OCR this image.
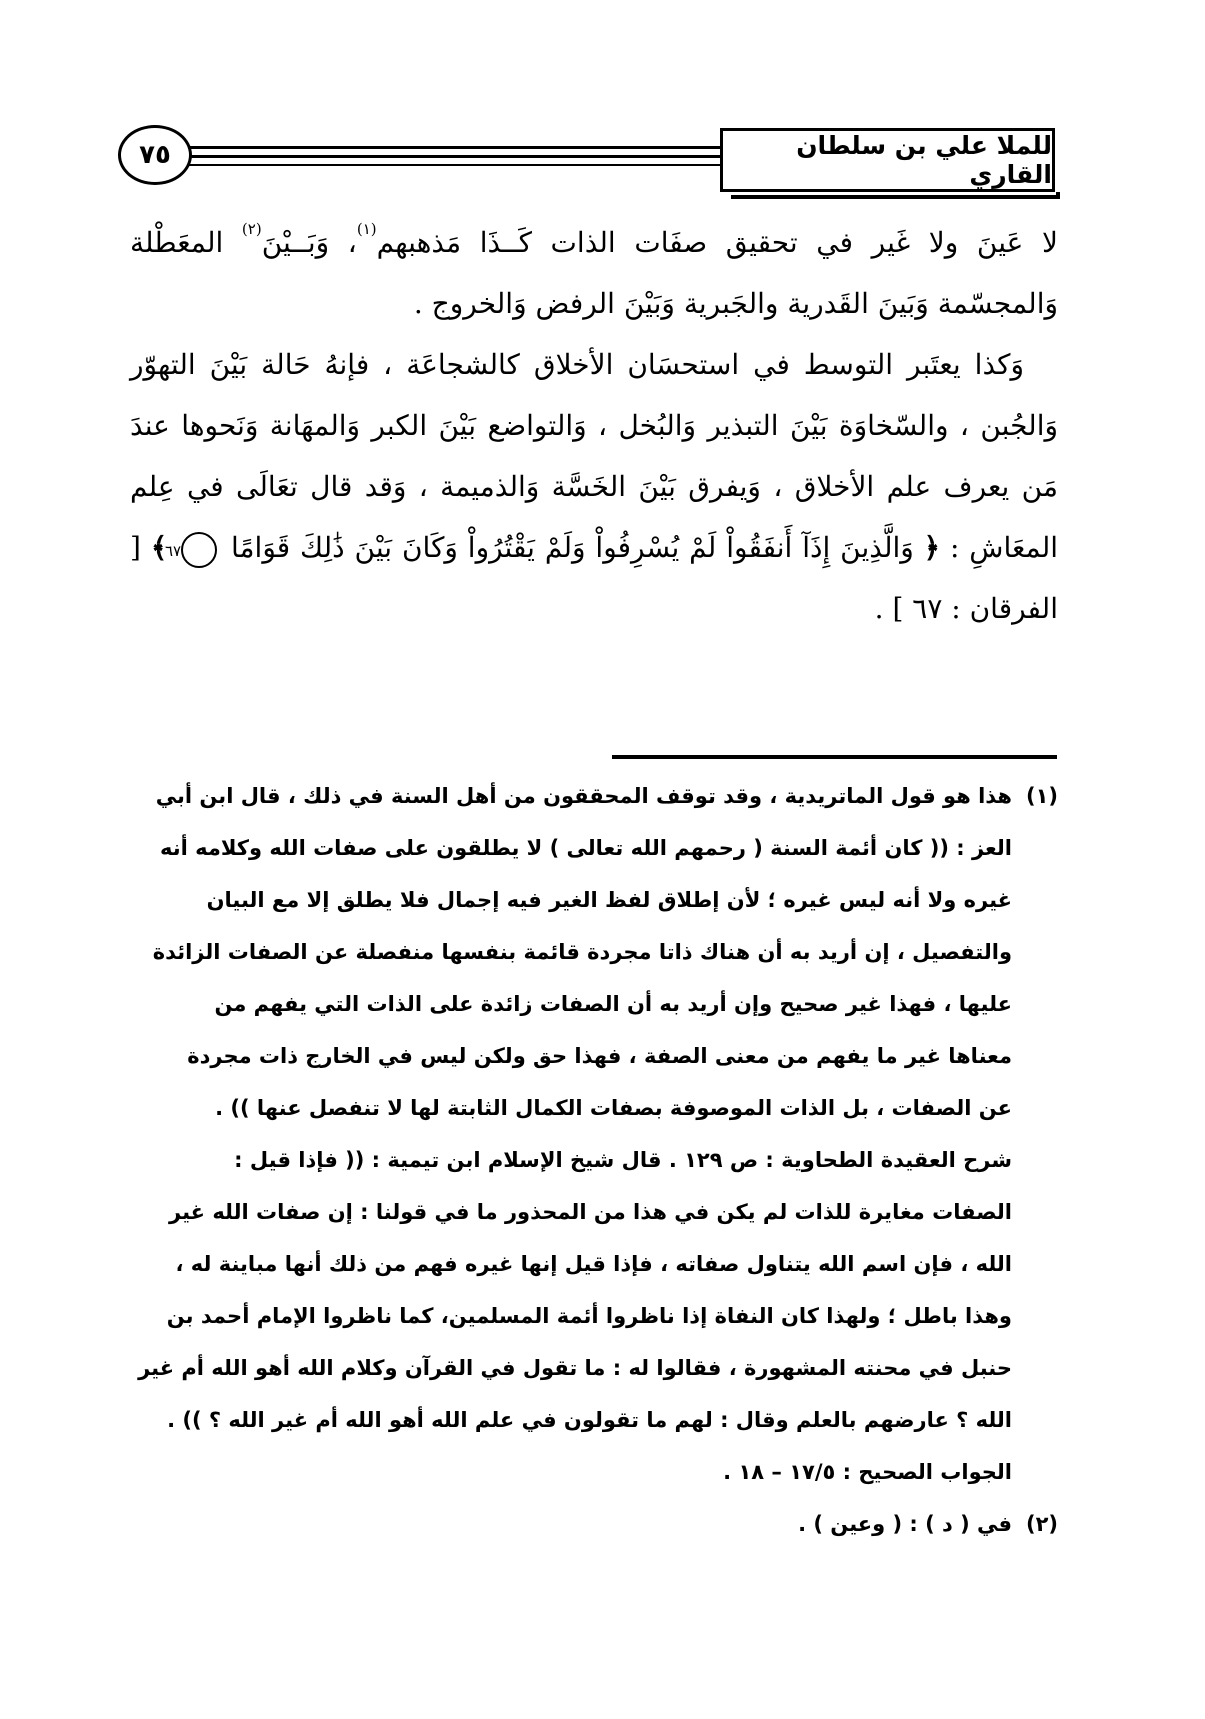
٧٥	للملا علي بن سلطان القاري

لا عَينَ ولا غَير في تحقيق صفَات الذات كَــذَا مَذهبهم$^{(١)}$، وَبَــيْنَ$^{(٢)}$ المعَطْلة وَالمجسّمة وَبَينَ القَدرية والجَبرية وَبَيْنَ الرفض وَالخروج .

وَكذا يعتَبر التوسط في استحسَان الأخلاق كالشجاعَة ، فإنهُ حَالة بَيْنَ التهوّر وَالجُبن ، والسّخاوَة بَيْنَ التبذير وَالبُخل ، وَالتواضع بَيْنَ الكبر وَالمهَانة وَنَحوها عندَ مَن يعرف علم الأخلاق ، وَيفرق بَيْنَ الخَسَّة وَالذميمة ، وَقد قال تعَالَى في عِلم المعَاشِ : ﴿ وَالَّذِينَ إِذَآ أَنفَقُواْ لَمْ يُسْرِفُواْ وَلَمْ يَقْتُرُواْ وَكَانَ بَيْنَ ذَٰلِكَ قَوَامًا ٦٧ ﴾ [ الفرقان : ٦٧ ] .

(١)
هذا هو قول الماتريدية ، وقد توقف المحققون من أهل السنة في ذلك ، قال ابن أبي
العز : (( كان أئمة السنة ( رحمهم الله تعالى ) لا يطلقون على صفات الله وكلامه أنه
غيره ولا أنه ليس غيره ؛ لأن إطلاق لفظ الغير فيه إجمال فلا يطلق إلا مع البيان
والتفصيل ، إن أريد به أن هناك ذاتا مجردة قائمة بنفسها منفصلة عن الصفات الزائدة
عليها ، فهذا غير صحيح وإن أريد به أن الصفات زائدة على الذات التي يفهم من
معناها غير ما يفهم من معنى الصفة ، فهذا حق ولكن ليس في الخارج ذات مجردة
عن الصفات ، بل الذات الموصوفة بصفات الكمال الثابتة لها لا تنفصل عنها )) .
شرح العقيدة الطحاوية : ص ١٢٩ . قال شيخ الإسلام ابن تيمية : (( فإذا قيل :
الصفات مغايرة للذات لم يكن في هذا من المحذور ما في قولنا : إن صفات الله غير
الله ، فإن اسم الله يتناول صفاته ، فإذا قيل إنها غيره فهم من ذلك أنها مباينة له ،
وهذا باطل ؛ ولهذا كان النفاة إذا ناظروا أئمة المسلمين، كما ناظروا الإمام أحمد بن
حنبل في محنته المشهورة ، فقالوا له : ما تقول في القرآن وكلام الله أهو الله أم غير
الله ؟ عارضهم بالعلم وقال : لهم ما تقولون في علم الله أهو الله أم غير الله ؟ )) .
الجواب الصحيح : ١٧/٥ – ١٨ .
(٢)
في ( د ) : ( وعين ) .
